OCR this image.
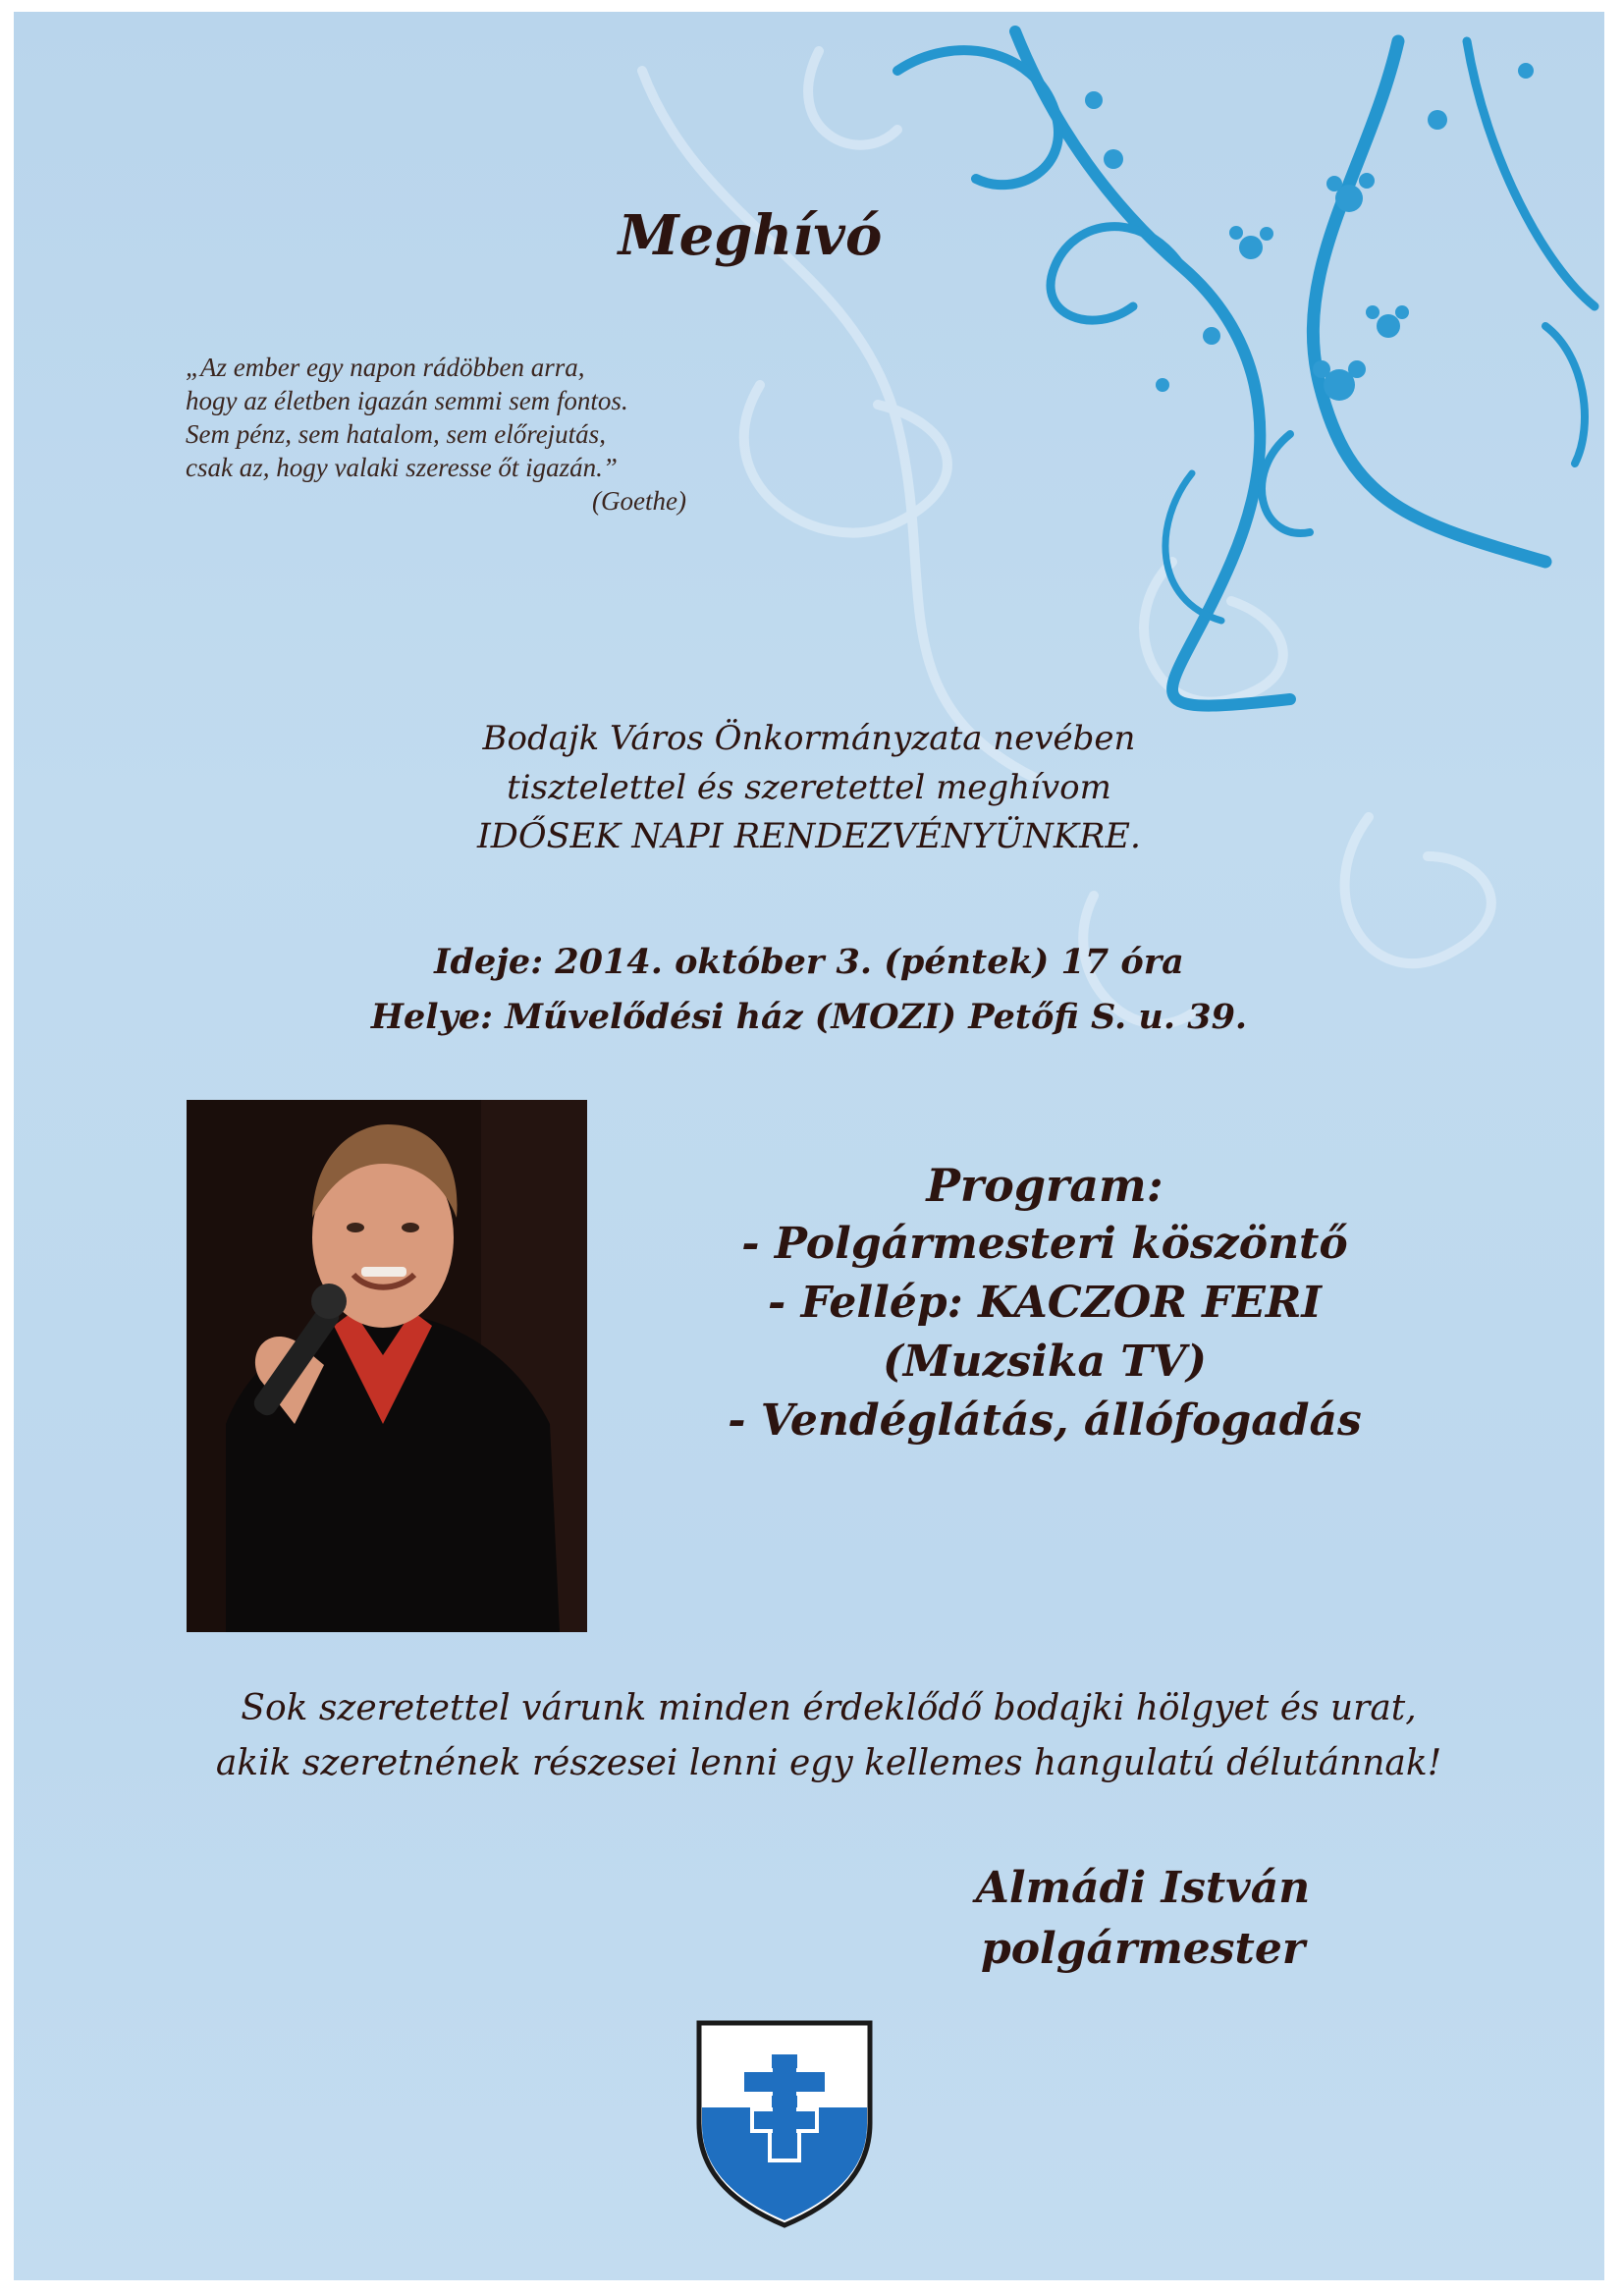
Meghívó
„Az ember egy napon rádöbben arra,
hogy az életben igazán semmi sem fontos.
Sem pénz, sem hatalom, sem előrejutás,
csak az, hogy valaki szeresse őt igazán.”
(Goethe)
Bodajk Város Önkormányzata nevében
tisztelettel és szeretettel meghívom
IDŐSEK NAPI RENDEZVÉNYÜNKRE.
Ideje: 2014. október 3. (péntek) 17 óra
Helye: Művelődési ház (MOZI) Petőfi S. u. 39.
Program:
- Polgármesteri köszöntő
- Fellép: KACZOR FERI
(Muzsika TV)
- Vendéglátás, állófogadás
Sok szeretettel várunk minden érdeklődő bodajki hölgyet és urat,
akik szeretnének részesei lenni egy kellemes hangulatú délutánnak!
Almádi István
polgármester
